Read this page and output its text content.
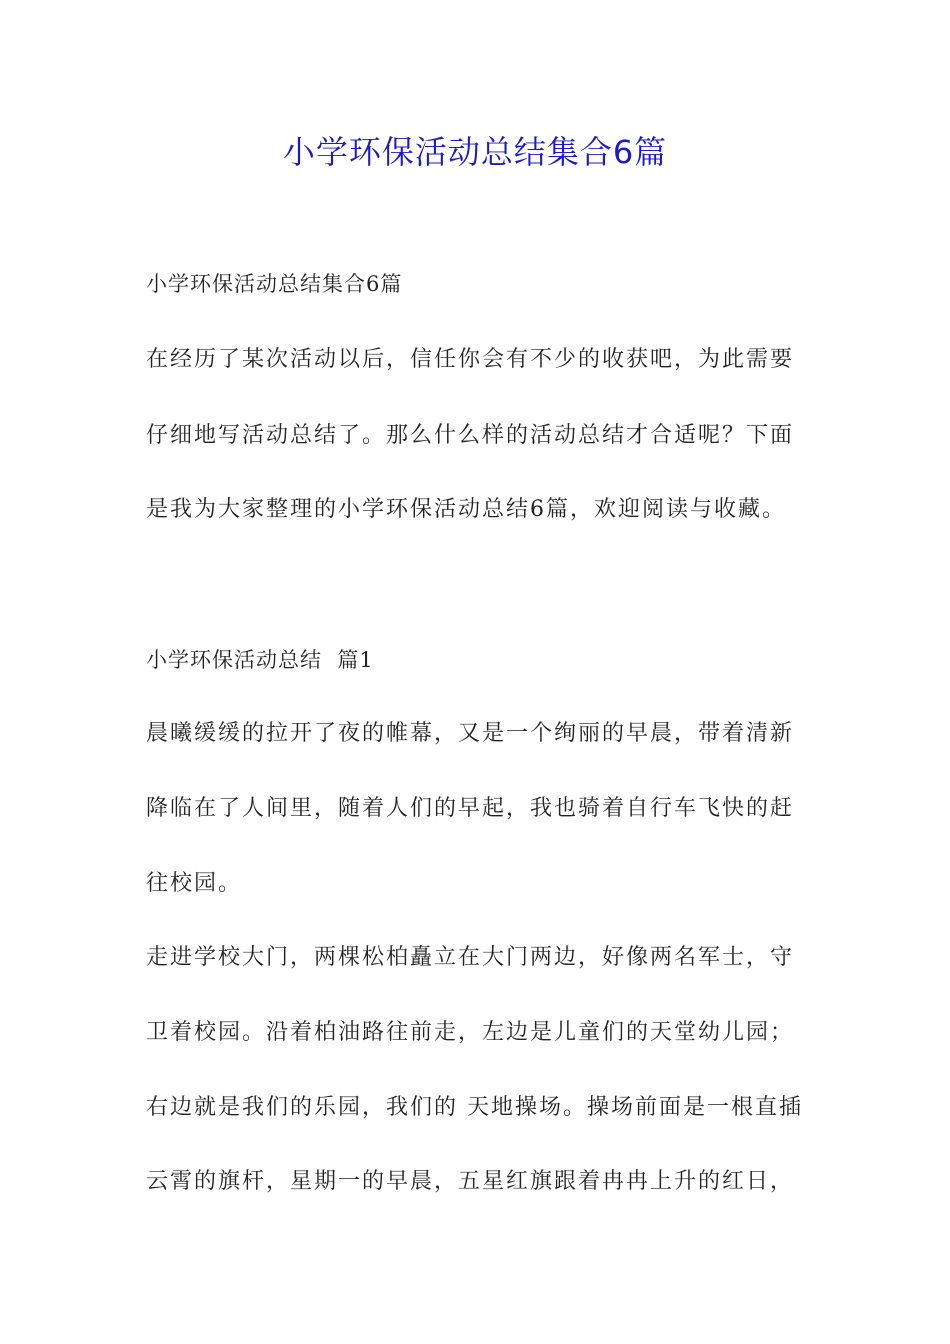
小学环保活动总结集合6篇
小学环保活动总结集合6篇
在经历了某次活动以后，信任你会有不少的收获吧，为此需要
仔细地写活动总结了。那么什么样的活动总结才合适呢？下面
是我为大家整理的小学环保活动总结6篇，欢迎阅读与收藏。
小学环保活动总结  篇1
晨曦缓缓的拉开了夜的帷幕，又是一个绚丽的早晨，带着清新
降临在了人间里，随着人们的早起，我也骑着自行车飞快的赶
往校园。
走进学校大门，两棵松柏矗立在大门两边，好像两名军士，守
卫着校园。沿着柏油路往前走，左边是儿童们的天堂幼儿园；
右边就是我们的乐园，我们的 天地操场。操场前面是一根直插
云霄的旗杆，星期一的早晨，五星红旗跟着冉冉上升的红日，
